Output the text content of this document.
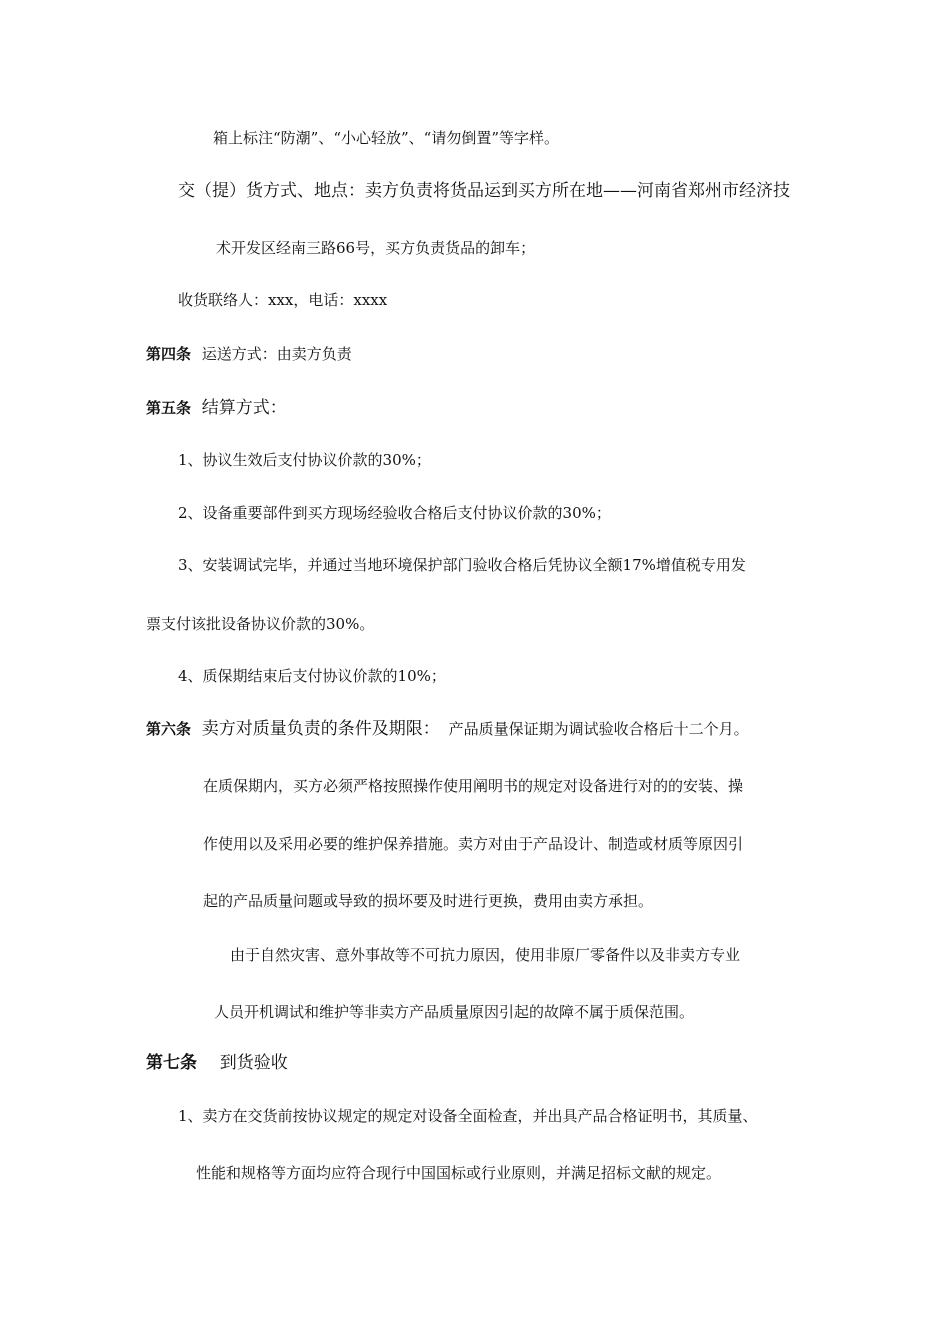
箱上标注“防潮”、“小心轻放”、“请勿倒置”等字样。
交（提）货方式、地点：卖方负责将货品运到买方所在地——河南省郑州市经济技
术开发区经南三路66号，买方负责货品的卸车；
收货联络人：xxx，电话：xxxx
第四条 运送方式：由卖方负责
第五条 结算方式：
1、协议生效后支付协议价款的30%；
2、设备重要部件到买方现场经验收合格后支付协议价款的30%；
3、安装调试完毕，并通过当地环境保护部门验收合格后凭协议全额17%增值税专用发
票支付该批设备协议价款的30%。
4、质保期结束后支付协议价款的10%；
第六条 卖方对质量负责的条件及期限： 产品质量保证期为调试验收合格后十二个月。
在质保期内，买方必须严格按照操作使用阐明书的规定对设备进行对的的安装、操
作使用以及采用必要的维护保养措施。卖方对由于产品设计、制造或材质等原因引
起的产品质量问题或导致的损坏要及时进行更换，费用由卖方承担。
由于自然灾害、意外事故等不可抗力原因，使用非原厂零备件以及非卖方专业
人员开机调试和维护等非卖方产品质量原因引起的故障不属于质保范围。
第七条 到货验收
1、卖方在交货前按协议规定的规定对设备全面检查，并出具产品合格证明书，其质量、
性能和规格等方面均应符合现行中国国标或行业原则，并满足招标文献的规定。
